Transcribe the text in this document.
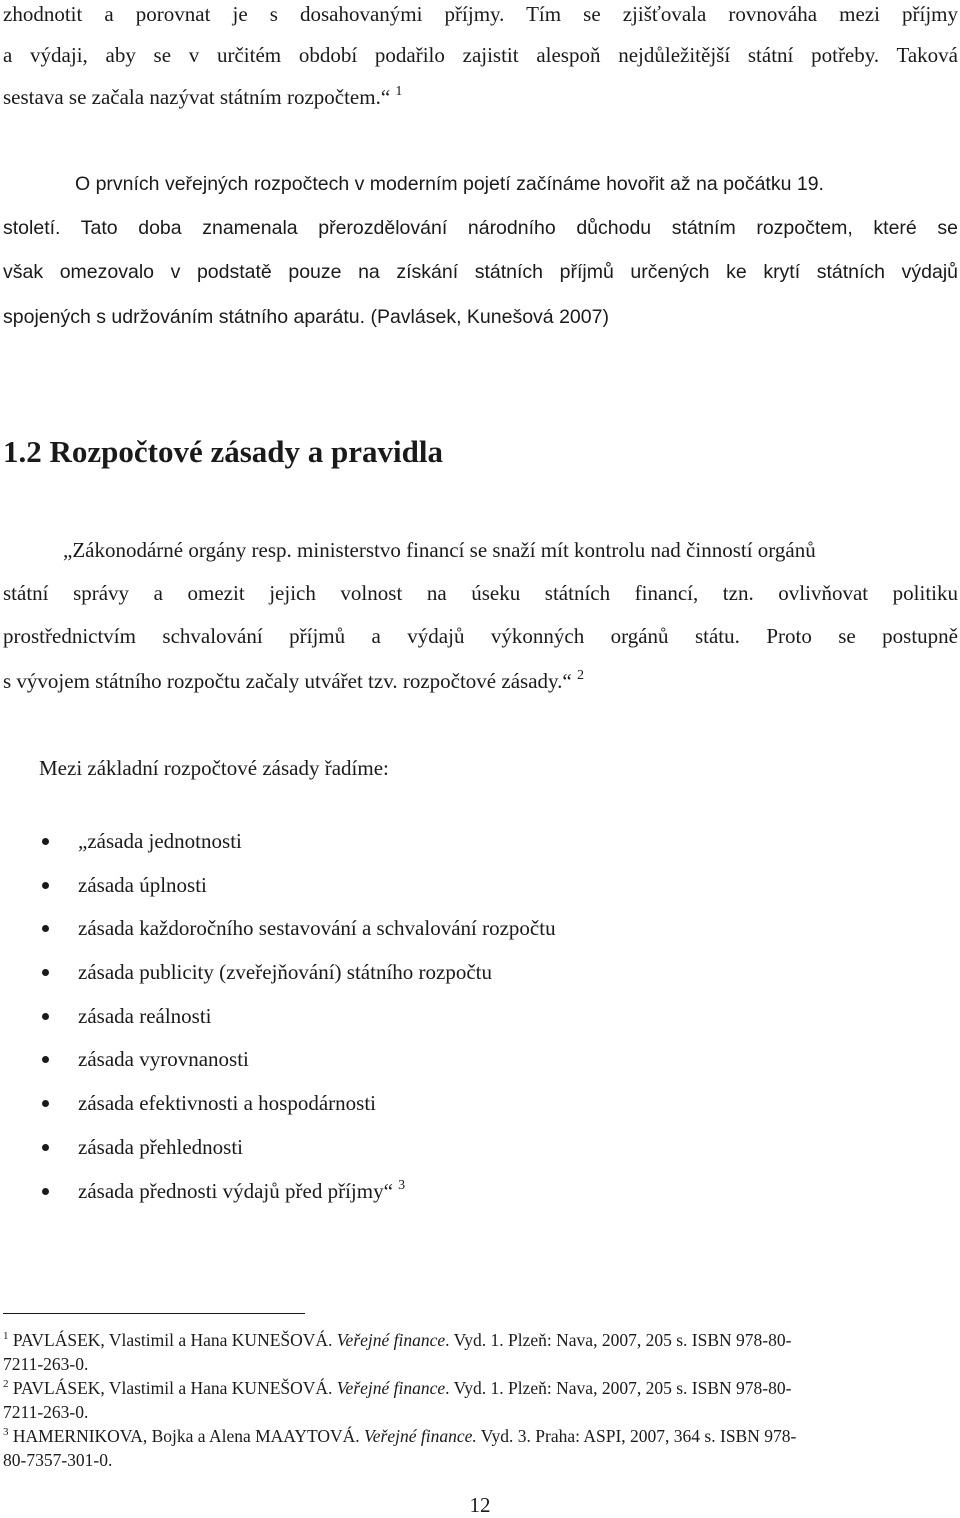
zhodnotit a porovnat je s dosahovanými příjmy. Tím se zjišťovala rovnováha mezi příjmy
a výdaji, aby se v určitém období podařilo zajistit alespoň nejdůležitější státní potřeby. Taková
sestava se začala nazývat státním rozpočtem.“ $^1$
O prvních veřejných rozpočtech v moderním pojetí začínáme hovořit až na počátku 19.
století. Tato doba znamenala přerozdělování národního důchodu státním rozpočtem, které se
však omezovalo v podstatě pouze na získání státních příjmů určených ke krytí státních výdajů
spojených s udržováním státního aparátu. (Pavlásek, Kunešová 2007)
1.2 Rozpočtové zásady a pravidla
„Zákonodárné orgány resp. ministerstvo financí se snaží mít kontrolu nad činností orgánů
státní správy a omezit jejich volnost na úseku státních financí, tzn. ovlivňovat politiku
prostřednictvím schvalování příjmů a výdajů výkonných orgánů státu. Proto se postupně
s vývojem státního rozpočtu začaly utvářet tzv. rozpočtové zásady.“ $^2$
Mezi základní rozpočtové zásady řadíme:
„zásada jednotnosti
zásada úplnosti
zásada každoročního sestavování a schvalování rozpočtu
zásada publicity (zveřejňování) státního rozpočtu
zásada reálnosti
zásada vyrovnanosti
zásada efektivnosti a hospodárnosti
zásada přehlednosti
zásada přednosti výdajů před příjmy“ $^3$
$^1$ PAVLÁSEK, Vlastimil a Hana KUNEŠOVÁ. Veřejné finance. Vyd. 1. Plzeň: Nava, 2007, 205 s. ISBN 978-80-
7211-263-0.
$^2$ PAVLÁSEK, Vlastimil a Hana KUNEŠOVÁ. Veřejné finance. Vyd. 1. Plzeň: Nava, 2007, 205 s. ISBN 978-80-
7211-263-0.
$^3$ HAMERNIKOVA, Bojka a Alena MAAYTOVÁ. Veřejné finance. Vyd. 3. Praha: ASPI, 2007, 364 s. ISBN 978-
80-7357-301-0.
12
